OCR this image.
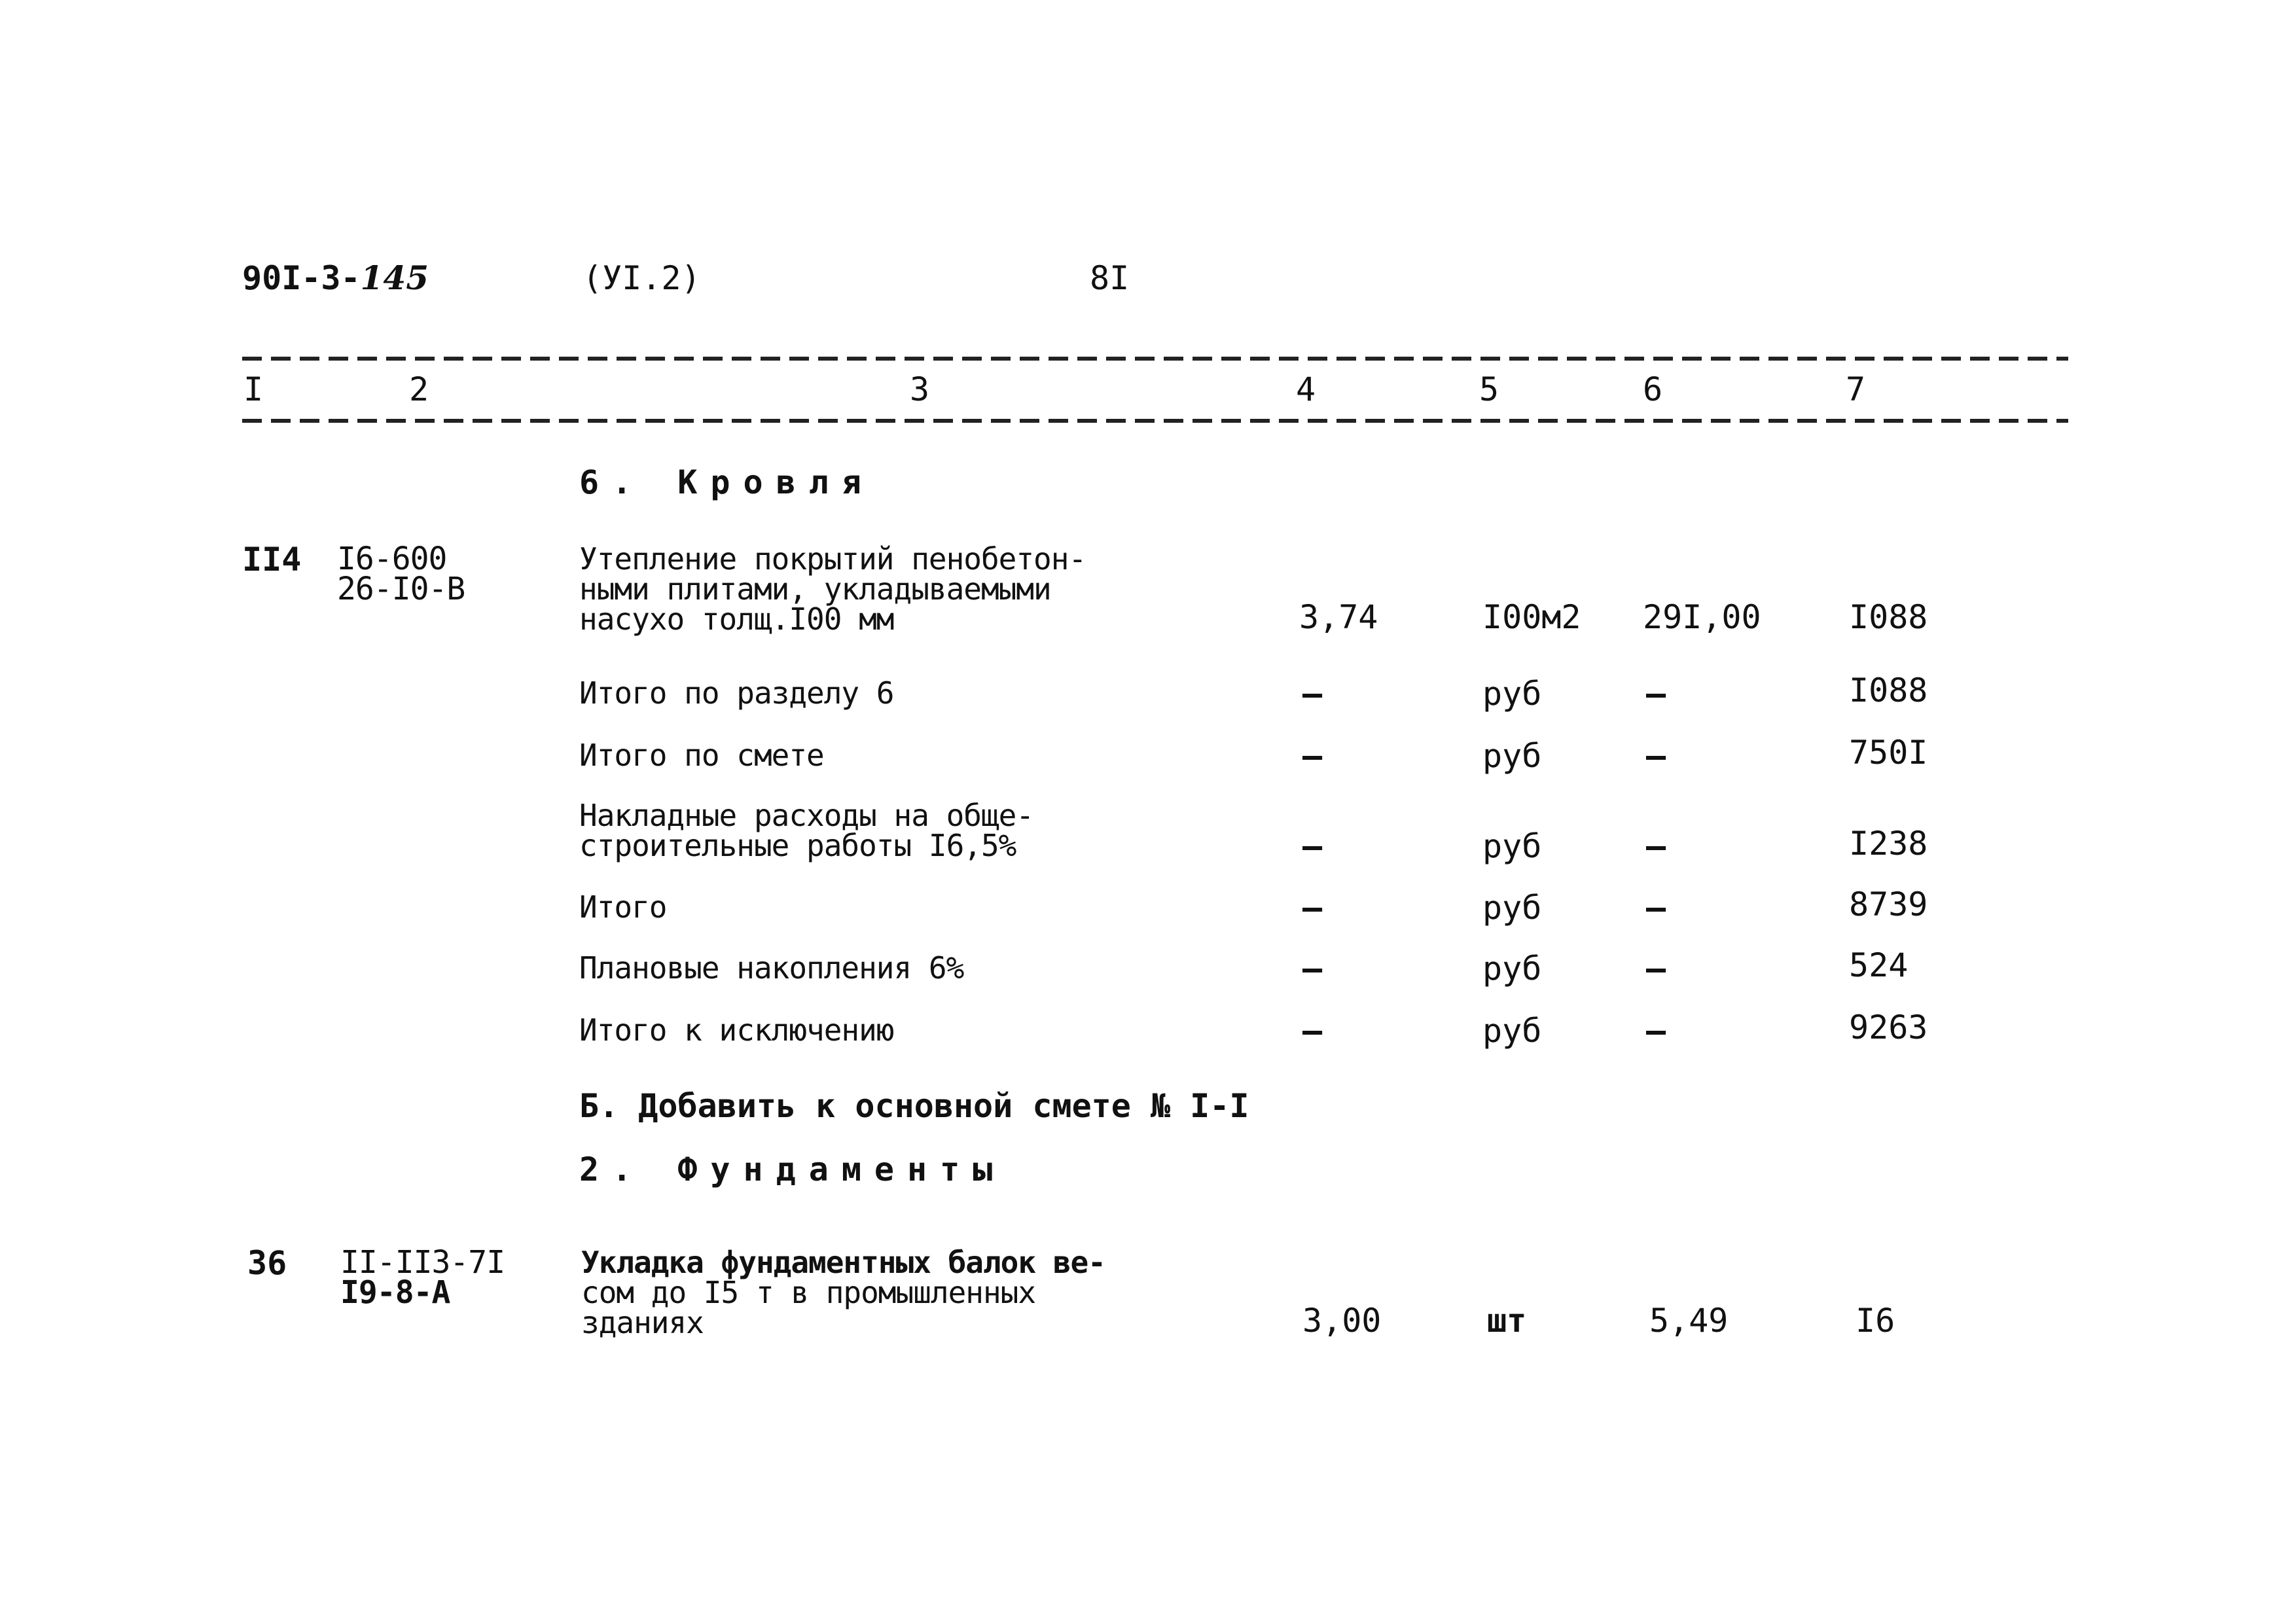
90I-3-145	(УI.2)	8I
I	2	3	4	5	6	7
6. Кровля
II4 I6-600
26-I0-В
Утепление покрытий пенобетон-
ными плитами, укладываемыми
насухо толщ.I00 мм	3,74	I00м2 29I,00	I088
Итого по разделу 6	–	руб	–	I088
Итого по смете	–	руб	–	750I
Накладные расходы на обще-
строительные работы I6,5%	–	руб	–	I238
Итого	–	руб	–	8739
Плановые накопления 6%	–	руб	–	524
Итого к исключению	–	руб	–	9263
Б. Добавить к основной смете № I-I
2. Фундаменты
36 II-II3-7I
I9-8-А
Укладка фундаментных балок ве-
сом до I5 т в промышленных
зданиях	3,00	шт	5,49	I6
